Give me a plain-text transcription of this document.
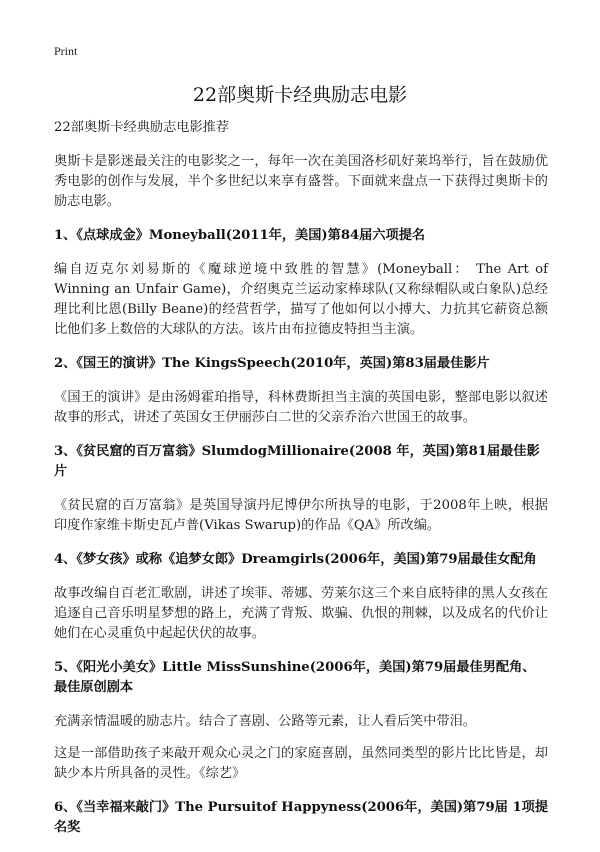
Print
22部奥斯卡经典励志电影

22部奥斯卡经典励志电影推荐

奥斯卡是影迷最关注的电影奖之一，每年一次在美国洛杉矶好莱坞举行，旨在鼓励优秀电影的创作与发展，半个多世纪以来享有盛誉。下面就来盘点一下获得过奥斯卡的励志电影。

1、《点球成金》Moneyball(2011年，美国)第84届六项提名

编自迈克尔刘易斯的《魔球逆境中致胜的智慧》(Moneyball： The Art of Winning an Unfair Game)，介绍奥克兰运动家棒球队(又称绿帽队或白象队)总经理比利比恩(Billy Beane)的经营哲学，描写了他如何以小搏大、力抗其它薪资总额比他们多上数倍的大球队的方法。该片由布拉德皮特担当主演。

2、《国王的演讲》The KingsSpeech(2010年，英国)第83届最佳影片

《国王的演讲》是由汤姆霍珀指导，科林费斯担当主演的英国电影，整部电影以叙述故事的形式，讲述了英国女王伊丽莎白二世的父亲乔治六世国王的故事。

3、《贫民窟的百万富翁》SlumdogMillionaire(2008 年，英国)第81届最佳影片

《贫民窟的百万富翁》是英国导演丹尼博伊尔所执导的电影，于2008年上映，根据印度作家维卡斯史瓦卢普(Vikas Swarup)的作品《QA》所改编。

4、《梦女孩》或称《追梦女郎》Dreamgirls(2006年，美国)第79届最佳女配角

故事改编自百老汇歌剧，讲述了埃菲、蒂娜、劳莱尔这三个来自底特律的黑人女孩在追逐自己音乐明星梦想的路上，充满了背叛、欺骗、仇恨的荆棘，以及成名的代价让她们在心灵重负中起起伏伏的故事。

5、《阳光小美女》Little MissSunshine(2006年，美国)第79届最佳男配角、最佳原创剧本

充满亲情温暖的励志片。结合了喜剧、公路等元素，让人看后笑中带泪。

这是一部借助孩子来敲开观众心灵之门的家庭喜剧，虽然同类型的影片比比皆是，却缺少本片所具备的灵性。《综艺》

6、《当幸福来敲门》The Pursuitof Happyness(2006年，美国)第79届 1项提名奖
